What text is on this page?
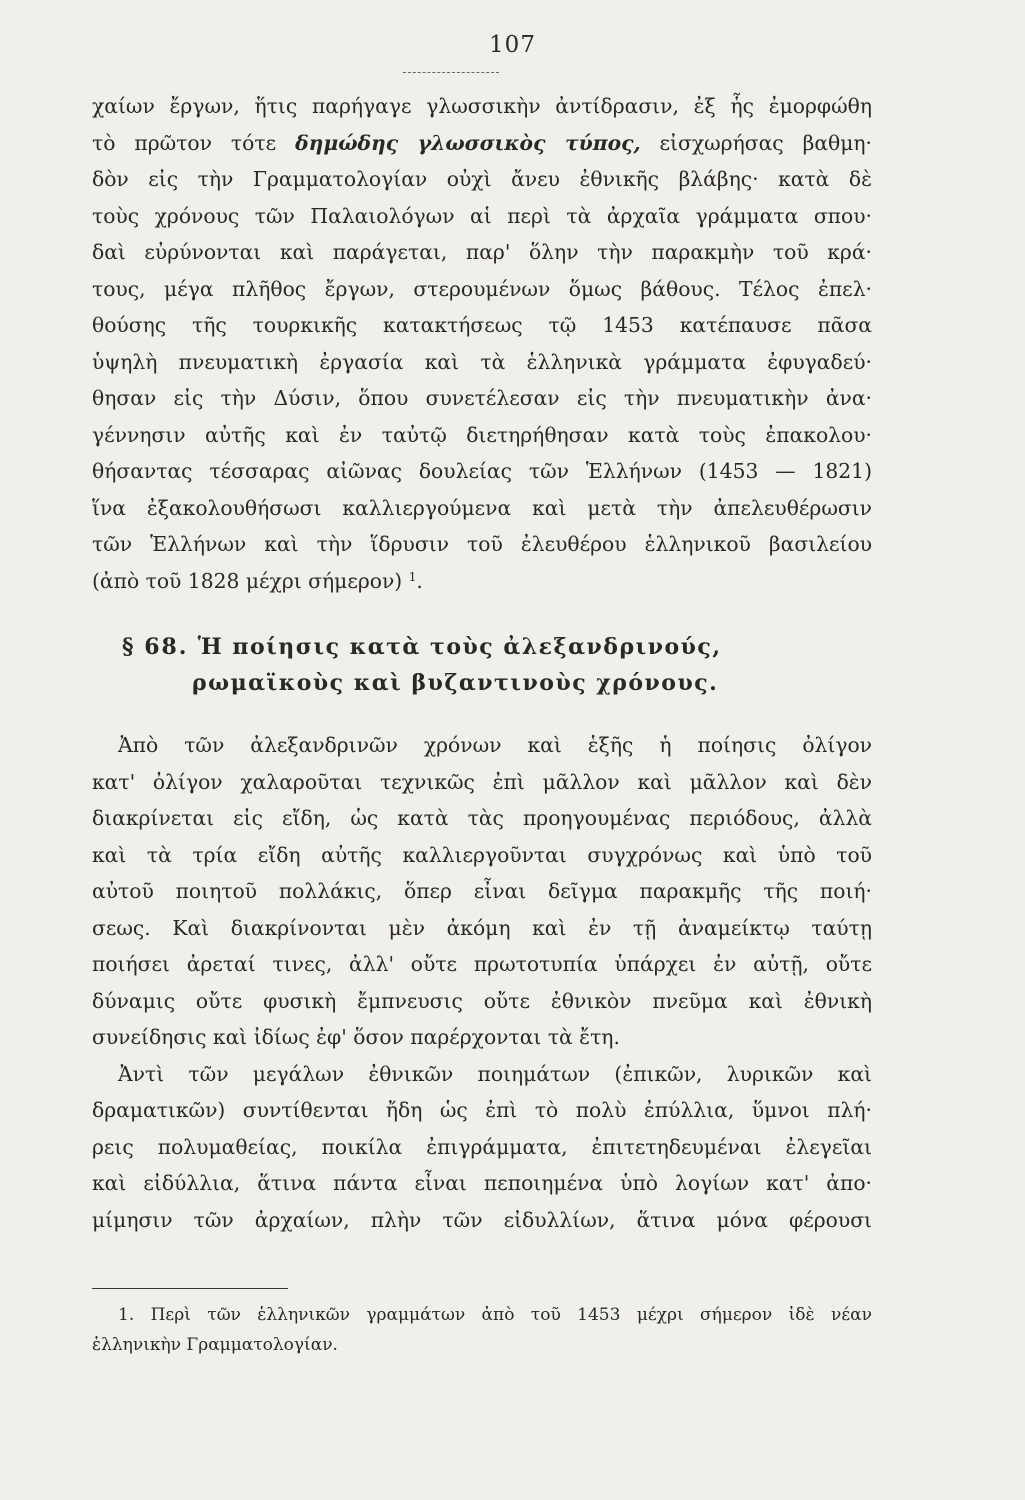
107
χαίων ἔργων, ἥτις παρήγαγε γλωσσικὴν ἀντίδρασιν, ἐξ ἧς ἐμορφώθη
τὸ πρῶτον τότε δημώδης γλωσσικὸς τύπος, εἰσχωρήσας βαθμη·
δὸν εἰς τὴν Γραμματολογίαν οὐχὶ ἄνευ ἐθνικῆς βλάβης· κατὰ δὲ
τοὺς χρόνους τῶν Παλαιολόγων αἱ περὶ τὰ ἀρχαῖα γράμματα σπου·
δαὶ εὐρύνονται καὶ παράγεται, παρ' ὅλην τὴν παρακμὴν τοῦ κρά·
τους, μέγα πλῆθος ἔργων, στερουμένων ὅμως βάθους. Τέλος ἐπελ·
θούσης τῆς τουρκικῆς κατακτήσεως τῷ 1453 κατέπαυσε πᾶσα
ὑψηλὴ πνευματικὴ ἐργασία καὶ τὰ ἑλληνικὰ γράμματα ἐφυγαδεύ·
θησαν εἰς τὴν Δύσιν, ὅπου συνετέλεσαν εἰς τὴν πνευματικὴν ἀνα·
γέννησιν αὐτῆς καὶ ἐν ταὐτῷ διετηρήθησαν κατὰ τοὺς ἐπακολου·
θήσαντας τέσσαρας αἰῶνας δουλείας τῶν Ἑλλήνων (1453 — 1821)
ἵνα ἐξακολουθήσωσι καλλιεργούμενα καὶ μετὰ τὴν ἀπελευθέρωσιν
τῶν Ἑλλήνων καὶ τὴν ἵδρυσιν τοῦ ἐλευθέρου ἑλληνικοῦ βασιλείου
(ἀπὸ τοῦ 1828 μέχρι σήμερον) $^1$.
§ 68. Ἡ ποίησις κατὰ τοὺς ἀλεξανδρινούς,
ρωμαϊκοὺς καὶ βυζαντινοὺς χρόνους.
Ἀπὸ τῶν ἀλεξανδρινῶν χρόνων καὶ ἑξῆς ἡ ποίησις ὀλίγον
κατ' ὀλίγον χαλαροῦται τεχνικῶς ἐπὶ μᾶλλον καὶ μᾶλλον καὶ δὲν
διακρίνεται εἰς εἴδη, ὡς κατὰ τὰς προηγουμένας περιόδους, ἀλλὰ
καὶ τὰ τρία εἴδη αὐτῆς καλλιεργοῦνται συγχρόνως καὶ ὑπὸ τοῦ
αὐτοῦ ποιητοῦ πολλάκις, ὅπερ εἶναι δεῖγμα παρακμῆς τῆς ποιή·
σεως. Καὶ διακρίνονται μὲν ἀκόμη καὶ ἐν τῇ ἀναμείκτῳ ταύτῃ
ποιήσει ἀρεταί τινες, ἀλλ' οὔτε πρωτοτυπία ὑπάρχει ἐν αὐτῇ, οὔτε
δύναμις οὔτε φυσικὴ ἔμπνευσις οὔτε ἐθνικὸν πνεῦμα καὶ ἐθνικὴ
συνείδησις καὶ ἰδίως ἐφ' ὅσον παρέρχονται τὰ ἔτη.
Ἀντὶ τῶν μεγάλων ἐθνικῶν ποιημάτων (ἐπικῶν, λυρικῶν καὶ
δραματικῶν) συντίθενται ἤδη ὡς ἐπὶ τὸ πολὺ ἐπύλλια, ὕμνοι πλή·
ρεις πολυμαθείας, ποικίλα ἐπιγράμματα, ἐπιτετηδευμέναι ἐλεγεῖαι
καὶ εἰδύλλια, ἅτινα πάντα εἶναι πεποιημένα ὑπὸ λογίων κατ' ἀπο·
μίμησιν τῶν ἀρχαίων, πλὴν τῶν εἰδυλλίων, ἅτινα μόνα φέρουσι
1. Περὶ τῶν ἑλληνικῶν γραμμάτων ἀπὸ τοῦ 1453 μέχρι σήμερον ἰδὲ νέαν
ἑλληνικὴν Γραμματολογίαν.
